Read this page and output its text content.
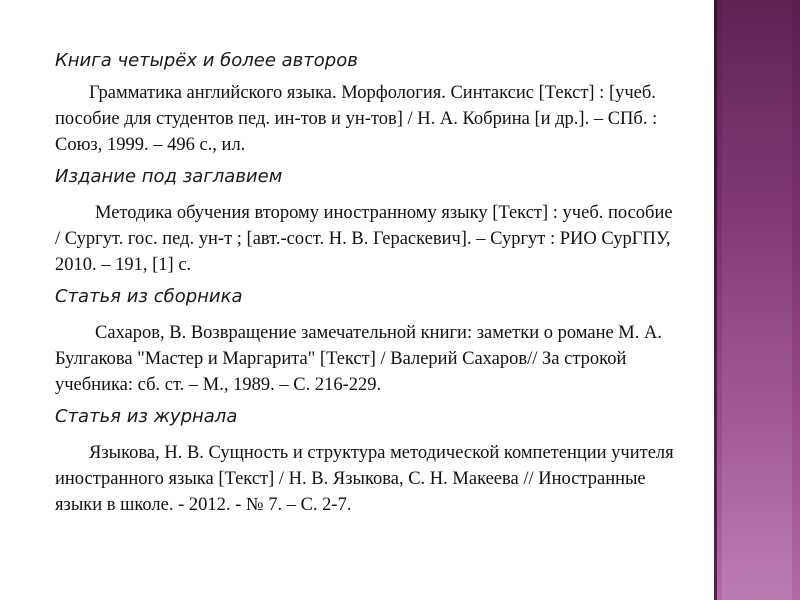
Книга четырёх и более авторов

Грамматика английского языка. Морфология. Синтаксис [Текст] : [учеб. пособие для студентов пед. ин-тов и ун-тов] / Н. А. Кобрина [и др.]. – СПб. : Союз, 1999. – 496 с., ил.

Издание под заглавием

Методика обучения второму иностранному языку [Текст] : учеб. пособие / Сургут. гос. пед. ун-т ; [авт.-сост. Н. В. Гераскевич]. – Сургут : РИО СурГПУ, 2010. – 191, [1] с.

Статья из сборника

Сахаров, В. Возвращение замечательной книги: заметки о романе М. А. Булгакова "Мастер и Маргарита" [Текст] / Валерий Сахаров// За строкой учебника: сб. ст. – М., 1989. – С. 216-229.

Статья из журнала

Языкова, Н. В. Сущность и структура методической компетенции учителя иностранного языка [Текст] / Н. В. Языкова, С. Н. Макеева // Иностранные языки в школе. - 2012. - № 7. – С. 2-7.
